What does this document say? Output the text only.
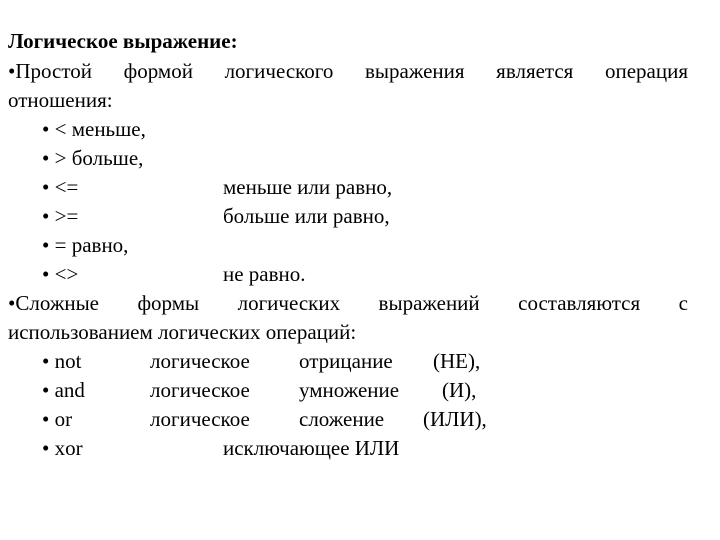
Логическое выражение:
•Простой формой логического выражения является операция
отношения:
• < меньше,
• > больше,
• <=	меньше или равно,
• >=	больше или равно,
• = равно,
• <>	не равно.
•Сложные формы логических выражений составляются с
использованием логических операций:
• not	логическое отрицание (НЕ),
• and	логическое умножение (И),
• or	логическое сложение (ИЛИ),
• xor	исключающее ИЛИ
